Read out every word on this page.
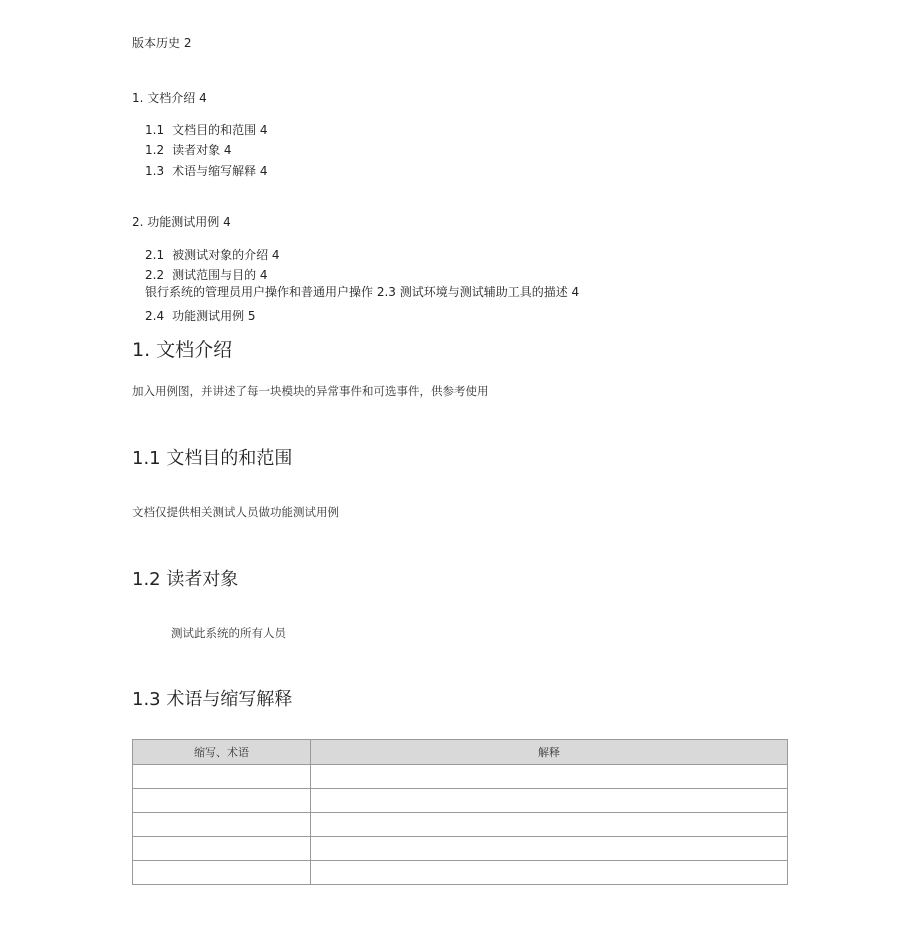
版本历史 2
1. 文档介绍 4
1.1 文档目的和范围 4
1.2 读者对象 4
1.3 术语与缩写解释 4
2. 功能测试用例 4
2.1 被测试对象的介绍 4
2.2 测试范围与目的 4
银行系统的管理员用户操作和普通用户操作 2.3 测试环境与测试辅助工具的描述 4
2.4 功能测试用例 5
1. 文档介绍
加入用例图，并讲述了每一块模块的异常事件和可选事件，供参考使用
1.1 文档目的和范围
文档仅提供相关测试人员做功能测试用例
1.2 读者对象
测试此系统的所有人员
1.3 术语与缩写解释
缩写、术语	解释
